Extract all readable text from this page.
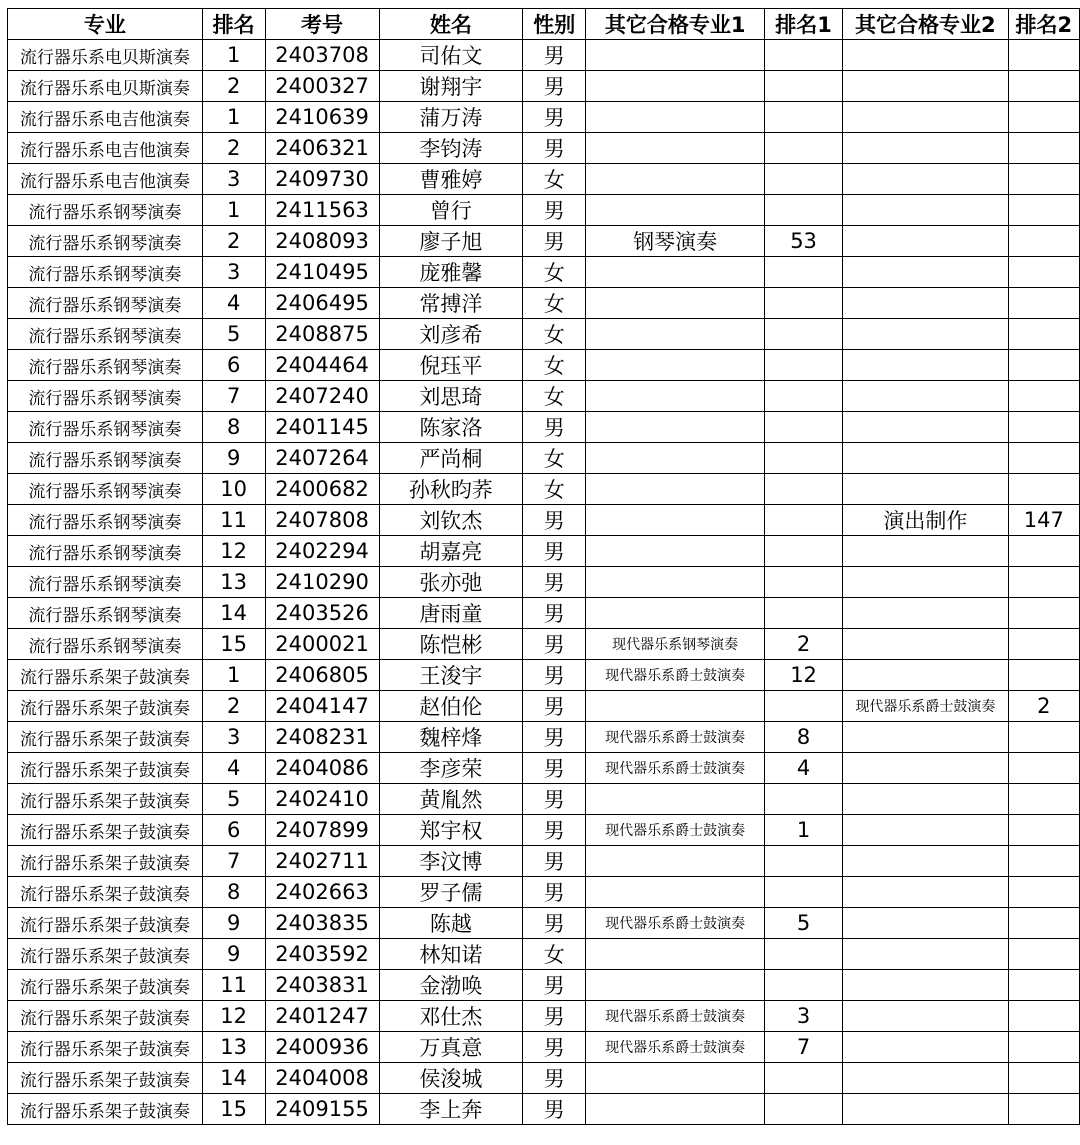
专业	排名	考号	姓名	性别	其它合格专业1	排名1	其它合格专业2	排名2
流行器乐系电贝斯演奏	1	2403708	司佑文	男				
流行器乐系电贝斯演奏	2	2400327	谢翔宇	男				
流行器乐系电吉他演奏	1	2410639	蒲万涛	男				
流行器乐系电吉他演奏	2	2406321	李钧涛	男				
流行器乐系电吉他演奏	3	2409730	曹雅婷	女				
流行器乐系钢琴演奏	1	2411563	曾行	男				
流行器乐系钢琴演奏	2	2408093	廖子旭	男	钢琴演奏	53		
流行器乐系钢琴演奏	3	2410495	庞雅馨	女				
流行器乐系钢琴演奏	4	2406495	常搏洋	女				
流行器乐系钢琴演奏	5	2408875	刘彦希	女				
流行器乐系钢琴演奏	6	2404464	倪珏平	女				
流行器乐系钢琴演奏	7	2407240	刘思琦	女				
流行器乐系钢琴演奏	8	2401145	陈家洛	男				
流行器乐系钢琴演奏	9	2407264	严尚桐	女				
流行器乐系钢琴演奏	10	2400682	孙秋昀荞	女				
流行器乐系钢琴演奏	11	2407808	刘钦杰	男			演出制作	147
流行器乐系钢琴演奏	12	2402294	胡嘉亮	男				
流行器乐系钢琴演奏	13	2410290	张亦弛	男				
流行器乐系钢琴演奏	14	2403526	唐雨童	男				
流行器乐系钢琴演奏	15	2400021	陈恺彬	男	现代器乐系钢琴演奏	2		
流行器乐系架子鼓演奏	1	2406805	王浚宇	男	现代器乐系爵士鼓演奏	12		
流行器乐系架子鼓演奏	2	2404147	赵伯伦	男			现代器乐系爵士鼓演奏	2
流行器乐系架子鼓演奏	3	2408231	魏梓烽	男	现代器乐系爵士鼓演奏	8		
流行器乐系架子鼓演奏	4	2404086	李彦荣	男	现代器乐系爵士鼓演奏	4		
流行器乐系架子鼓演奏	5	2402410	黄胤然	男				
流行器乐系架子鼓演奏	6	2407899	郑宇权	男	现代器乐系爵士鼓演奏	1		
流行器乐系架子鼓演奏	7	2402711	李汶博	男				
流行器乐系架子鼓演奏	8	2402663	罗子儒	男				
流行器乐系架子鼓演奏	9	2403835	陈越	男	现代器乐系爵士鼓演奏	5		
流行器乐系架子鼓演奏	9	2403592	林知诺	女				
流行器乐系架子鼓演奏	11	2403831	金渤唤	男				
流行器乐系架子鼓演奏	12	2401247	邓仕杰	男	现代器乐系爵士鼓演奏	3		
流行器乐系架子鼓演奏	13	2400936	万真意	男	现代器乐系爵士鼓演奏	7		
流行器乐系架子鼓演奏	14	2404008	侯浚城	男				
流行器乐系架子鼓演奏	15	2409155	李上奔	男				
